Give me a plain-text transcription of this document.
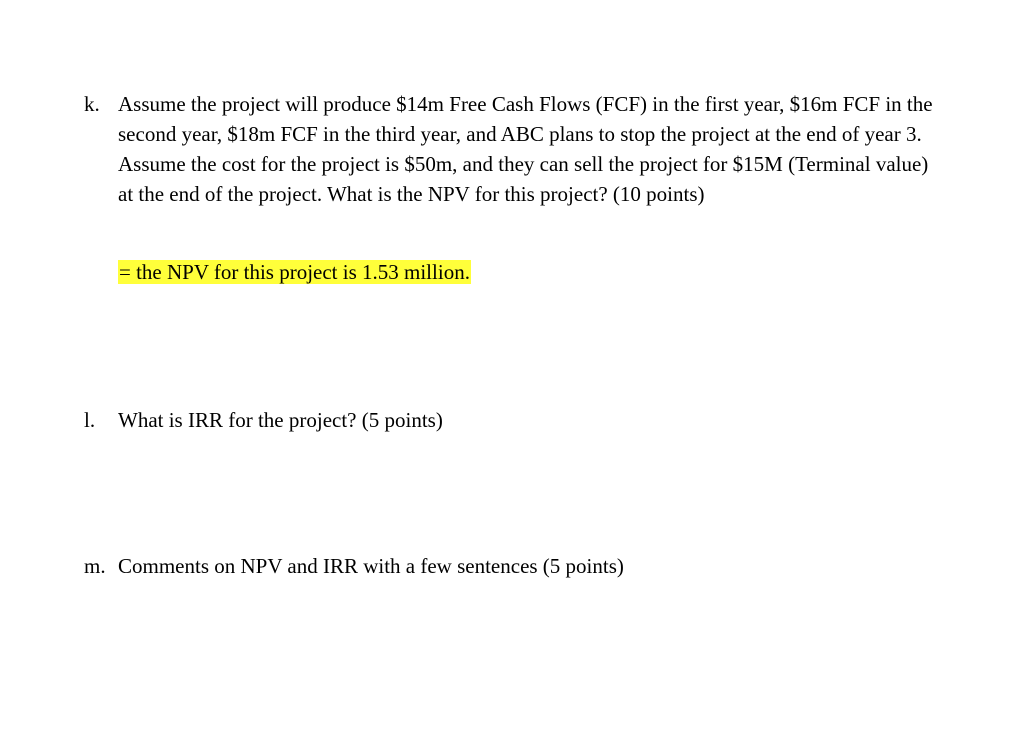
k. Assume the project will produce $14m Free Cash Flows (FCF) in the first year, $16m FCF in the second year, $18m FCF in the third year, and ABC plans to stop the project at the end of year 3. Assume the cost for the project is $50m, and they can sell the project for $15M (Terminal value) at the end of the project. What is the NPV for this project? (10 points)
= the NPV for this project is 1.53 million.
l.	What is IRR for the project? (5 points)
m. Comments on NPV and IRR with a few sentences (5 points)
